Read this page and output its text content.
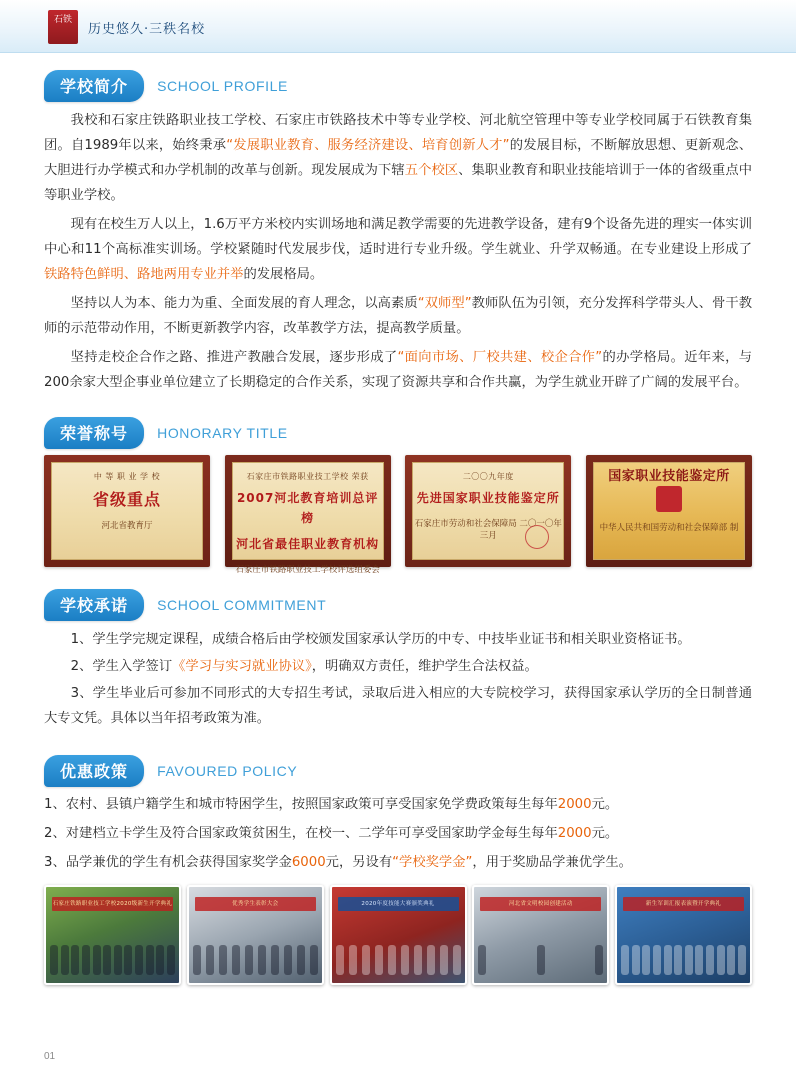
石铁
历史悠久·三秩名校
学校简介 SCHOOL PROFILE

我校和石家庄铁路职业技工学校、石家庄市铁路技术中等专业学校、河北航空管理中等专业学校同属于石铁教育集团。自1989年以来，始终秉承“发展职业教育、服务经济建设、培育创新人才”的发展目标，不断解放思想、更新观念、大胆进行办学模式和办学机制的改革与创新。现发展成为下辖五个校区、集职业教育和职业技能培训于一体的省级重点中等职业学校。

现有在校生万人以上，1.6万平方米校内实训场地和满足教学需要的先进教学设备，建有9个设备先进的理实一体实训中心和11个高标准实训场。学校紧随时代发展步伐，适时进行专业升级。学生就业、升学双畅通。在专业建设上形成了铁路特色鲜明、路地两用专业并举的发展格局。

坚持以人为本、能力为重、全面发展的育人理念，以高素质“双师型”教师队伍为引领，充分发挥科学带头人、骨干教师的示范带动作用，不断更新教学内容，改革教学方法，提高教学质量。

坚持走校企合作之路、推进产教融合发展，逐步形成了“面向市场、厂校共建、校企合作”的办学格局。近年来，与200余家大型企事业单位建立了长期稳定的合作关系，实现了资源共享和合作共赢，为学生就业开辟了广阔的发展平台。

荣誉称号 HONORARY TITLE
中 等 职 业 学 校
省级重点
河北省教育厅
石家庄市铁路职业技工学校 荣获
2007河北教育培训总评榜
河北省最佳职业教育机构
石家庄市铁路职业技工学校评选组委会
二〇〇九年度
先进国家职业技能鉴定所
石家庄市劳动和社会保障局 二〇一〇年三月
国家职业技能鉴定所
中华人民共和国劳动和社会保障部 制
学校承诺 SCHOOL COMMITMENT

1、学生学完规定课程，成绩合格后由学校颁发国家承认学历的中专、中技毕业证书和相关职业资格证书。

2、学生入学签订《学习与实习就业协议》，明确双方责任，维护学生合法权益。

3、学生毕业后可参加不同形式的大专招生考试，录取后进入相应的大专院校学习，获得国家承认学历的全日制普通大专文凭。具体以当年招考政策为准。

优惠政策 FAVOURED POLICY

1、农村、县镇户籍学生和城市特困学生，按照国家政策可享受国家免学费政策每生每年2000元。

2、对建档立卡学生及符合国家政策贫困生，在校一、二学年可享受国家助学金每生每年2000元。

3、品学兼优的学生有机会获得国家奖学金6000元，另设有“学校奖学金”，用于奖励品学兼优学生。

石家庄铁路职业技工学校2020级新生开学典礼	优秀学生表彰大会	2020年度技能大赛颁奖典礼	河北省文明校园创建活动	新生军训汇报表演暨开学典礼
01
